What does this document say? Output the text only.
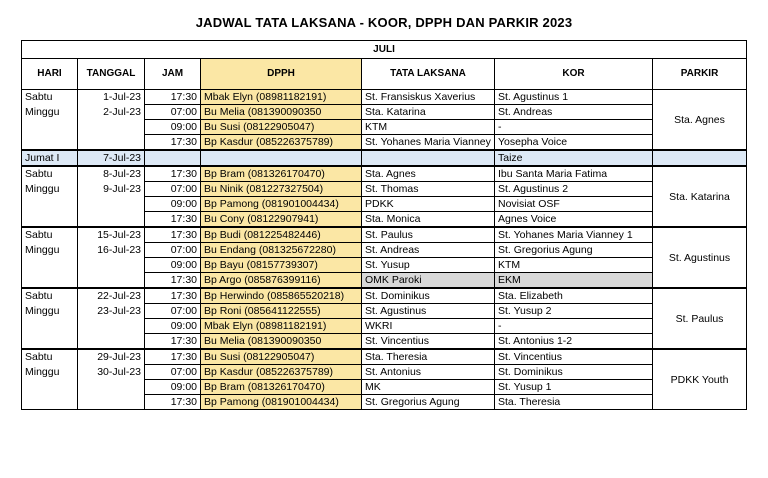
JADWAL TATA LAKSANA - KOOR, DPPH DAN PARKIR 2023
JULI						
HARI	TANGGAL	JAM	DPPH	TATA LAKSANA	KOR	PARKIR
Sabtu	1-Jul-23	17:30	Mbak Elyn (08981182191)	St. Fransiskus Xaverius	St. Agustinus 1	Sta. Agnes
Minggu	2-Jul-23	07:00	Bu Melia (081390090350	Sta. Katarina	St. Andreas	
		09:00	Bu Susi (08122905047)	KTM	-	
		17:30	Bp Kasdur (085226375789)	St. Yohanes Maria Vianney	Yosepha Voice	
Jumat I	7-Jul-23				Taize	
Sabtu	8-Jul-23	17:30	Bp Bram (081326170470)	Sta. Agnes	Ibu Santa Maria Fatima	Sta. Katarina
Minggu	9-Jul-23	07:00	Bu Ninik (081227327504)	St. Thomas	St. Agustinus 2	
		09:00	Bp Pamong (081901004434)	PDKK	Novisiat OSF	
		17:30	Bu Cony (08122907941)	Sta. Monica	Agnes Voice	
Sabtu	15-Jul-23	17:30	Bp Budi (081225482446)	St. Paulus	St. Yohanes Maria Vianney 1	St. Agustinus
Minggu	16-Jul-23	07:00	Bu Endang (081325672280)	St. Andreas	St. Gregorius Agung	
		09:00	Bp Bayu (08157739307)	St. Yusup	KTM	
		17:30	Bp Argo (085876399116)	OMK Paroki	EKM	
Sabtu	22-Jul-23	17:30	Bp Herwindo (085865520218)	St. Dominikus	Sta. Elizabeth	St. Paulus
Minggu	23-Jul-23	07:00	Bp Roni (085641122555)	St. Agustinus	St. Yusup 2	
		09:00	Mbak Elyn (08981182191)	WKRI	-	
		17:30	Bu Melia (081390090350	St. Vincentius	St. Antonius 1-2	
Sabtu	29-Jul-23	17:30	Bu Susi (08122905047)	Sta. Theresia	St. Vincentius	PDKK Youth
Minggu	30-Jul-23	07:00	Bp Kasdur (085226375789)	St. Antonius	St. Dominikus	
		09:00	Bp Bram (081326170470)	MK	St. Yusup 1	
		17:30	Bp Pamong (081901004434)	St. Gregorius Agung	Sta. Theresia	
